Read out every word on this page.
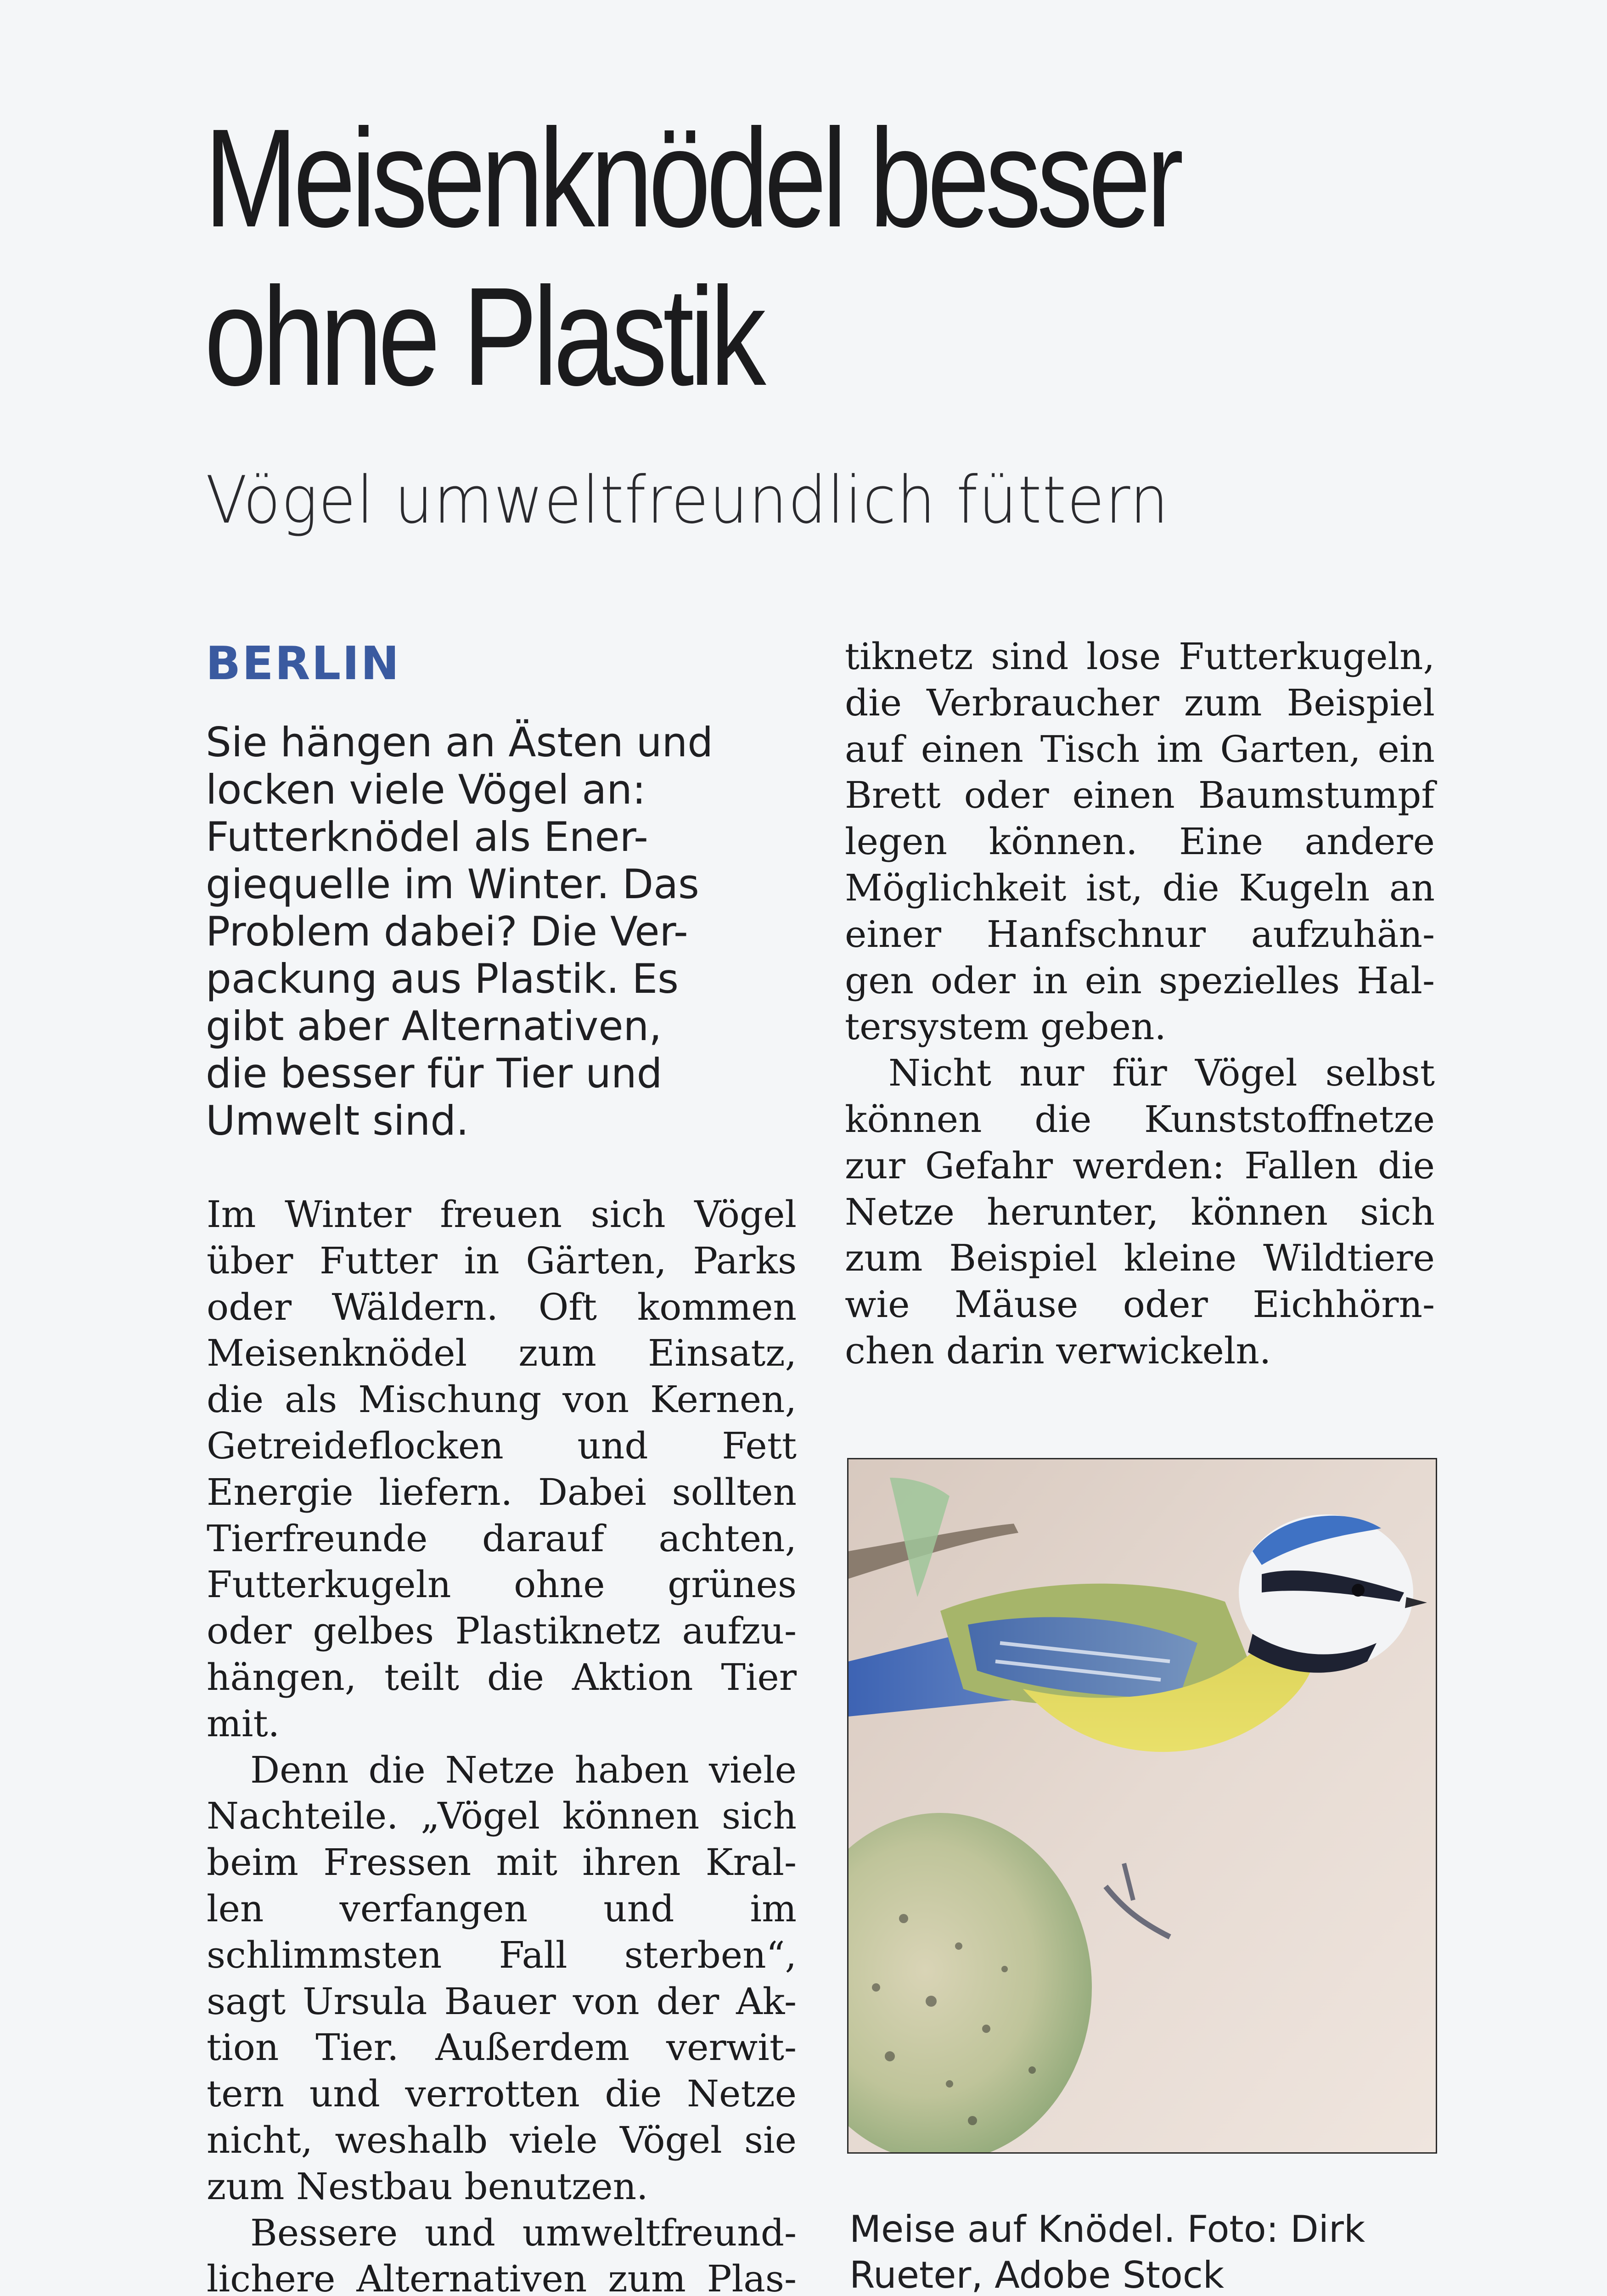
Meisenknödel besser
ohne Plastik
Vögel umweltfreundlich füttern
BERLIN
Sie hängen an Ästen und
locken viele Vögel an:
Futterknödel als Ener-
giequelle im Winter. Das
Problem dabei? Die Ver-
packung aus Plastik. Es
gibt aber Alternativen,
die besser für Tier und
Umwelt sind.
Im Winter freuen sich Vögel
über Futter in Gärten, Parks
oder Wäldern. Oft kommen
Meisenknödel zum Einsatz,
die als Mischung von Kernen,
Getreideflocken und Fett
Energie liefern. Dabei sollten
Tierfreunde darauf achten,
Futterkugeln ohne grünes
oder gelbes Plastiknetz aufzu-
hängen, teilt die Aktion Tier
mit.
Denn die Netze haben viele
Nachteile. „Vögel können sich
beim Fressen mit ihren Kral-
len verfangen und im
schlimmsten Fall sterben“,
sagt Ursula Bauer von der Ak-
tion Tier. Außerdem verwit-
tern und verrotten die Netze
nicht, weshalb viele Vögel sie
zum Nestbau benutzen.
Bessere und umweltfreund-
lichere Alternativen zum Plas-
tiknetz sind lose Futterkugeln,
die Verbraucher zum Beispiel
auf einen Tisch im Garten, ein
Brett oder einen Baumstumpf
legen können. Eine andere
Möglichkeit ist, die Kugeln an
einer Hanfschnur aufzuhän-
gen oder in ein spezielles Hal-
tersystem geben.
Nicht nur für Vögel selbst
können die Kunststoffnetze
zur Gefahr werden: Fallen die
Netze herunter, können sich
zum Beispiel kleine Wildtiere
wie Mäuse oder Eichhörn-
chen darin verwickeln.
Meise auf Knödel. Foto: Dirk
Rueter, Adobe Stock
